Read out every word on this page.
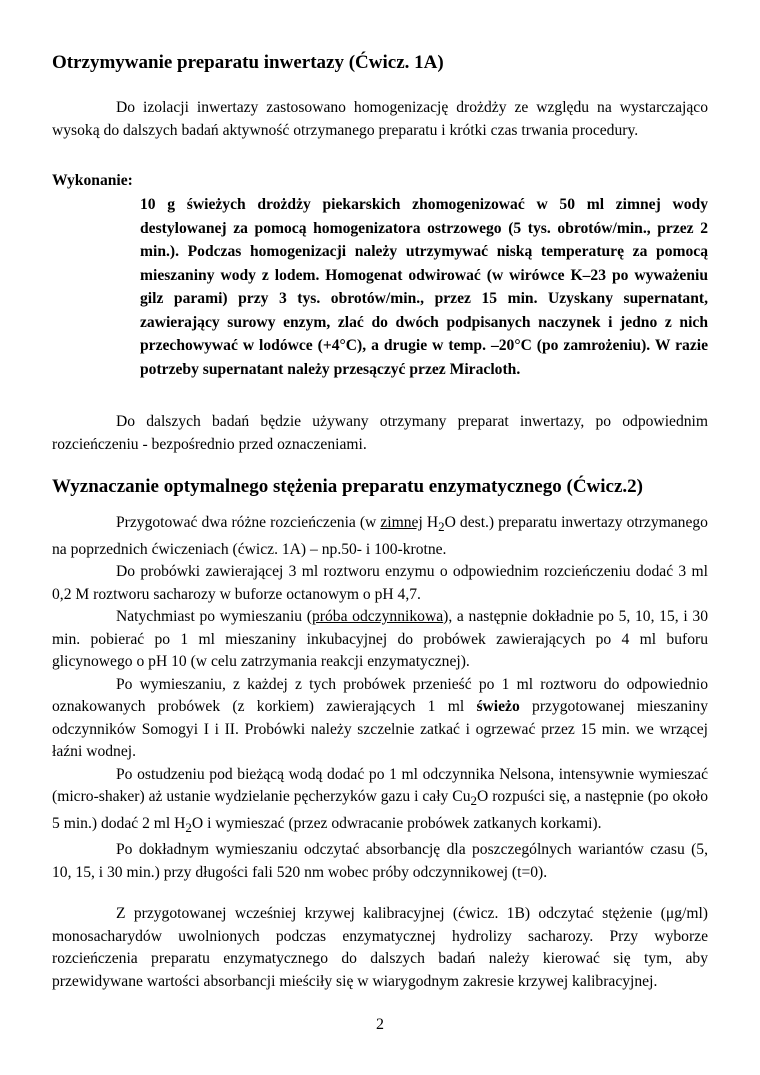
Otrzymywanie preparatu inwertazy (Ćwicz. 1A)

Do izolacji inwertazy zastosowano homogenizację drożdży ze względu na wystarczająco wysoką do dalszych badań aktywność otrzymanego preparatu i krótki czas trwania procedury.

Wykonanie:

10 g świeżych drożdży piekarskich zhomogenizować w 50 ml zimnej wody destylowanej za pomocą homogenizatora ostrzowego (5 tys. obrotów/min., przez 2 min.). Podczas homogenizacji należy utrzymywać niską temperaturę za pomocą mieszaniny wody z lodem. Homogenat odwirować (w wirówce K–23 po wyważeniu gilz parami) przy 3 tys. obrotów/min., przez 15 min. Uzyskany supernatant, zawierający surowy enzym, zlać do dwóch podpisanych naczynek i jedno z nich przechowywać w lodówce (+4°C), a drugie w temp. –20°C (po zamrożeniu). W razie potrzeby supernatant należy przesączyć przez Miracloth.

Do dalszych badań będzie używany otrzymany preparat inwertazy, po odpowiednim rozcieńczeniu - bezpośrednio przed oznaczeniami.

Wyznaczanie optymalnego stężenia preparatu enzymatycznego (Ćwicz.2)

Przygotować dwa różne rozcieńczenia (w zimnej $H_2O$ dest.) preparatu inwertazy otrzymanego na poprzednich ćwiczeniach (ćwicz. 1A) – np.50- i 100-krotne.

Do probówki zawierającej 3 ml roztworu enzymu o odpowiednim rozcieńczeniu dodać 3 ml 0,2 M roztworu sacharozy w buforze octanowym o pH 4,7.

Natychmiast po wymieszaniu (próba odczynnikowa), a następnie dokładnie po 5, 10, 15, i 30 min. pobierać po 1 ml mieszaniny inkubacyjnej do probówek zawierających po 4 ml buforu glicynowego o pH 10 (w celu zatrzymania reakcji enzymatycznej).

Po wymieszaniu, z każdej z tych probówek przenieść po 1 ml roztworu do odpowiednio oznakowanych probówek (z korkiem) zawierających 1 ml świeżo przygotowanej mieszaniny odczynników Somogyi I i II. Probówki należy szczelnie zatkać i ogrzewać przez 15 min. we wrzącej łaźni wodnej.

Po ostudzeniu pod bieżącą wodą dodać po 1 ml odczynnika Nelsona, intensywnie wymieszać (micro-shaker) aż ustanie wydzielanie pęcherzyków gazu i cały $Cu_2O$ rozpuści się, a następnie (po około 5 min.) dodać 2 ml $H_2O$ i wymieszać (przez odwracanie probówek zatkanych korkami).

Po dokładnym wymieszaniu odczytać absorbancję dla poszczególnych wariantów czasu (5, 10, 15, i 30 min.) przy długości fali 520 nm wobec próby odczynnikowej (t=0).

Z przygotowanej wcześniej krzywej kalibracyjnej (ćwicz. 1B) odczytać stężenie (μg/ml) monosacharydów uwolnionych podczas enzymatycznej hydrolizy sacharozy. Przy wyborze rozcieńczenia preparatu enzymatycznego do dalszych badań należy kierować się tym, aby przewidywane wartości absorbancji mieściły się w wiarygodnym zakresie krzywej kalibracyjnej.

2
